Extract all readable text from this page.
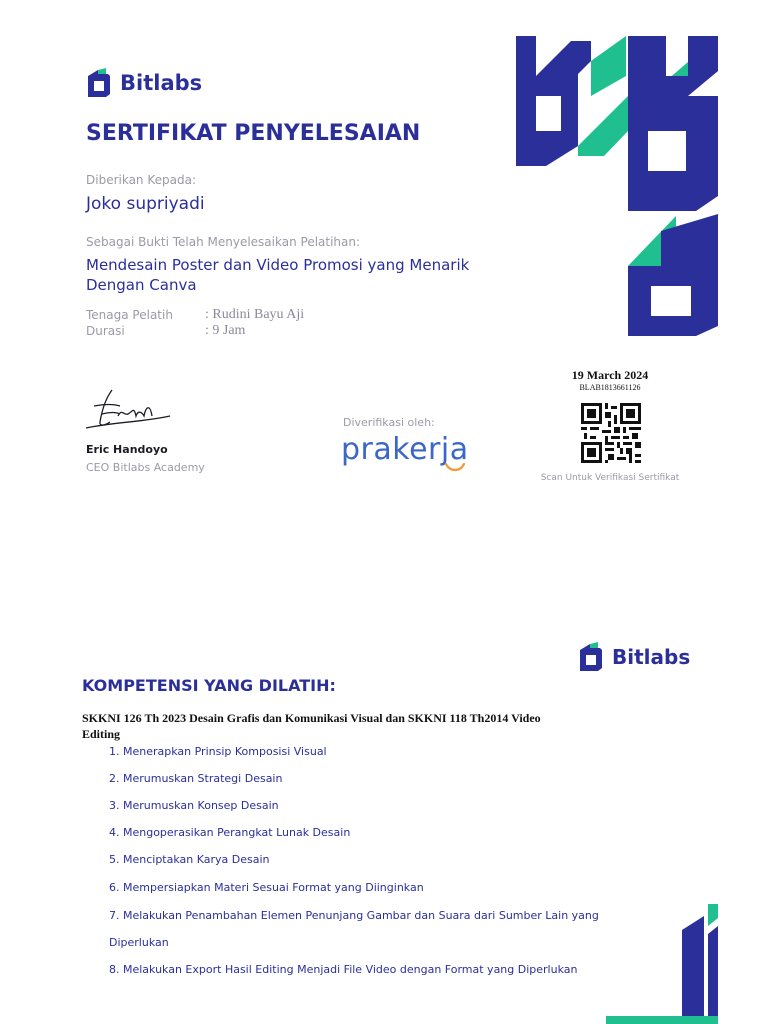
Bitlabs
SERTIFIKAT PENYELESAIAN
Diberikan Kepada:
Joko supriyadi
Sebagai Bukti Telah Menyelesaikan Pelatihan:
Mendesain Poster dan Video Promosi yang Menarik
Dengan Canva
Tenaga Pelatih : Rudini Bayu Aji
Durasi	: 9 Jam
Eric Handoyo
CEO Bitlabs Academy
Diverifikasi oleh:
prakerja
19 March 2024
BLAB1813661126
Scan Untuk Verifikasi Sertifikat
Bitlabs
KOMPETENSI YANG DILATIH:
SKKNI 126 Th 2023 Desain Grafis dan Komunikasi Visual dan SKKNI 118 Th2014 Video
Editing
1. Menerapkan Prinsip Komposisi Visual
2. Merumuskan Strategi Desain
3. Merumuskan Konsep Desain
4. Mengoperasikan Perangkat Lunak Desain
5. Menciptakan Karya Desain
6. Mempersiapkan Materi Sesuai Format yang Diinginkan
7. Melakukan Penambahan Elemen Penunjang Gambar dan Suara dari Sumber Lain yang
Diperlukan
8. Melakukan Export Hasil Editing Menjadi File Video dengan Format yang Diperlukan
